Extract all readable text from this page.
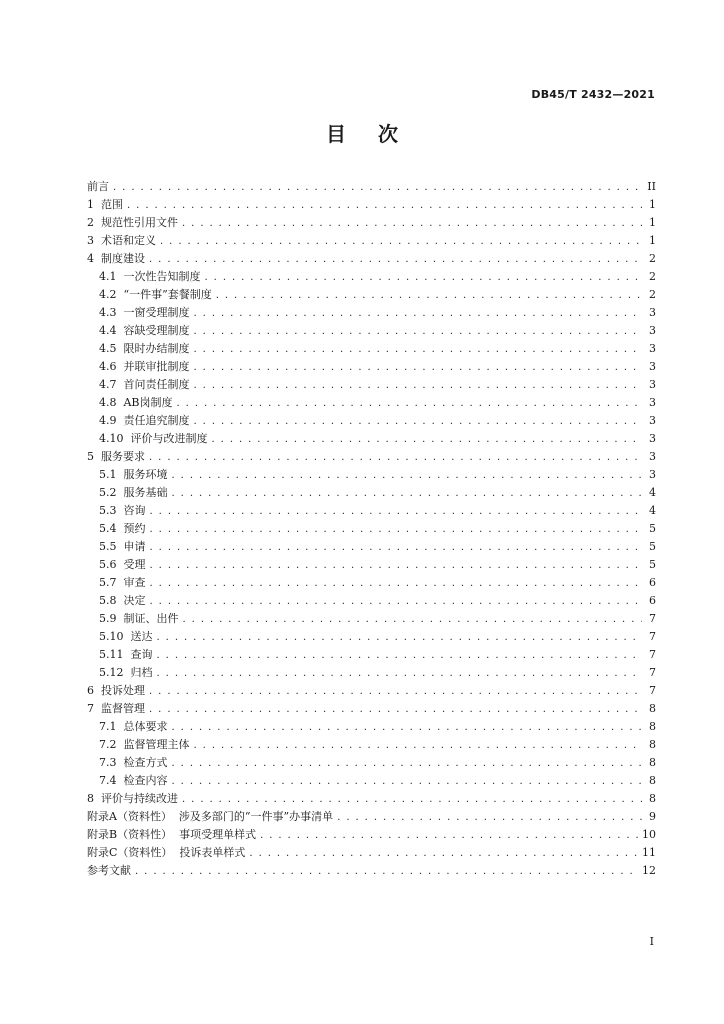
DB45/T 2432—2021
目 次
前言 . . .	II
1  范围 . . .	1
2  规范性引用文件 . . .	1
3  术语和定义 . . .	1
4  制度建设 . . .	2
4.1  一次性告知制度 . . .	2
4.2  “一件事”套餐制度 . . .	2
4.3  一窗受理制度 . . .	3
4.4  容缺受理制度 . . .	3
4.5  限时办结制度 . . .	3
4.6  并联审批制度 . . .	3
4.7  首问责任制度 . . .	3
4.8  AB岗制度 . . .	3
4.9  责任追究制度 . . .	3
4.10  评价与改进制度 . . .	3
5  服务要求 . . .	3
5.1  服务环境 . . .	3
5.2  服务基础 . . .	4
5.3  咨询 . . .	4
5.4  预约 . . .	5
5.5  申请 . . .	5
5.6  受理 . . .	5
5.7  审查 . . .	6
5.8  决定 . . .	6
5.9  制证、出件 . . .	7
5.10  送达 . . .	7
5.11  查询 . . .	7
5.12  归档 . . .	7
6  投诉处理 . . .	7
7  监督管理 . . .	8
7.1  总体要求 . . .	8
7.2  监督管理主体 . . .	8
7.3  检查方式 . . .	8
7.4  检查内容 . . .	8
8  评价与持续改进 . . .	8
附录A（资料性）  涉及多部门的“一件事”办事清单 . . .	9
附录B（资料性）  事项受理单样式 . . .	10
附录C（资料性）  投诉表单样式 . . .	11
参考文献 . . .	12
I
